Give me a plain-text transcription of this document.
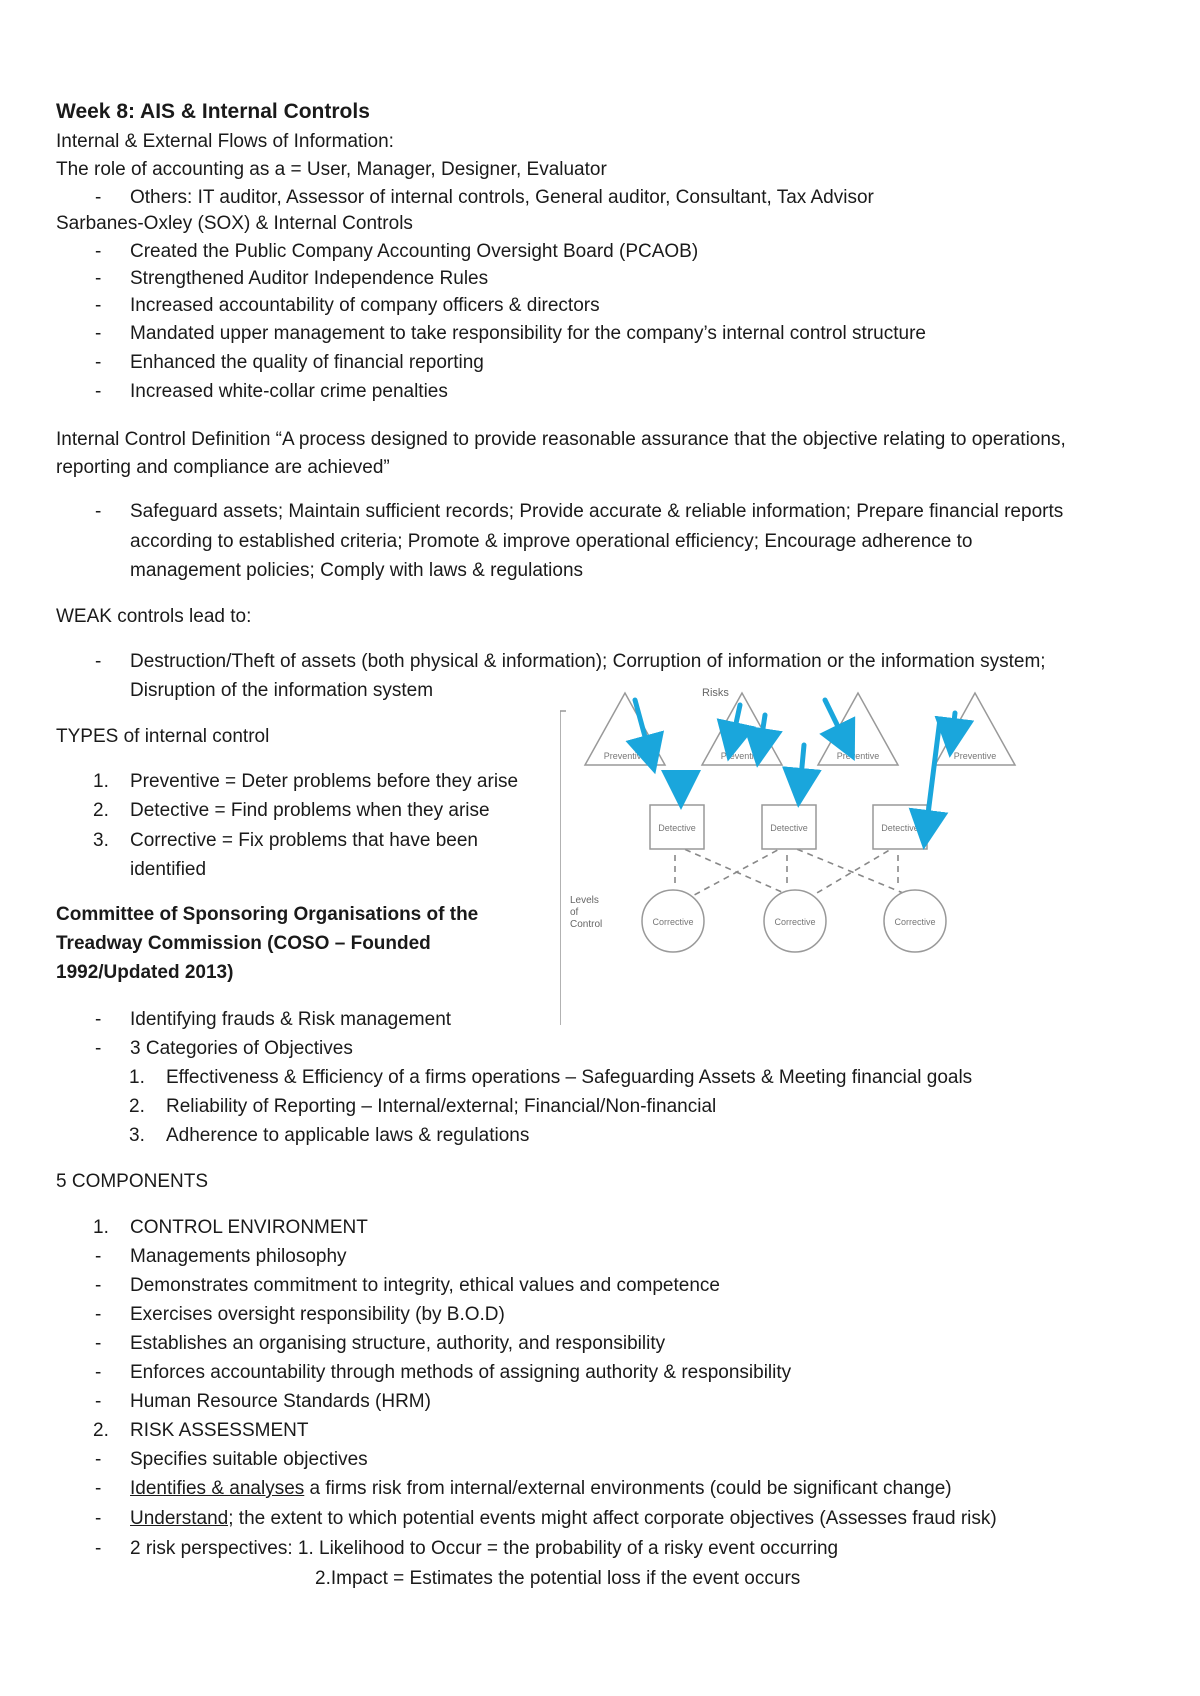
Week 8: AIS & Internal Controls
Internal & External Flows of Information:
The role of accounting as a = User, Manager, Designer, Evaluator
- Others: IT auditor, Assessor of internal controls, General auditor, Consultant, Tax Advisor
Sarbanes-Oxley (SOX) & Internal Controls
- Created the Public Company Accounting Oversight Board (PCAOB)
- Strengthened Auditor Independence Rules
- Increased accountability of company officers & directors
- Mandated upper management to take responsibility for the company’s internal control structure
- Enhanced the quality of financial reporting
- Increased white-collar crime penalties
Internal Control Definition “A process designed to provide reasonable assurance that the objective relating to operations,
reporting and compliance are achieved”
- Safeguard assets; Maintain sufficient records; Provide accurate & reliable information; Prepare financial reports
according to established criteria; Promote & improve operational efficiency; Encourage adherence to
management policies; Comply with laws & regulations
WEAK controls lead to:
- Destruction/Theft of assets (both physical & information); Corruption of information or the information system;
Disruption of the information system
TYPES of internal control
1. Preventive = Deter problems before they arise
2. Detective = Find problems when they arise
3. Corrective = Fix problems that have been
identified
Committee of Sponsoring Organisations of the
Treadway Commission (COSO – Founded
1992/Updated 2013)
- Identifying frauds & Risk management
- 3 Categories of Objectives
1. Effectiveness & Efficiency of a firms operations – Safeguarding Assets & Meeting financial goals
2. Reliability of Reporting – Internal/external; Financial/Non-financial
3. Adherence to applicable laws & regulations
5 COMPONENTS
1. CONTROL ENVIRONMENT
- Managements philosophy
- Demonstrates commitment to integrity, ethical values and competence
- Exercises oversight responsibility (by B.O.D)
- Establishes an organising structure, authority, and responsibility
- Enforces accountability through methods of assigning authority & responsibility
- Human Resource Standards (HRM)
2. RISK ASSESSMENT
- Specifies suitable objectives
- Identifies & analyses a firms risk from internal/external environments (could be significant change)
- Understand; the extent to which potential events might affect corporate objectives (Assesses fraud risk)
- 2 risk perspectives: 1. Likelihood to Occur = the probability of a risky event occurring
2.Impact = Estimates the potential loss if the event occurs
Risks
Levels
of
Control
Preventive	Preventive	Preventive	Preventive
Detective	Detective	Detective
Corrective	Corrective	Corrective
